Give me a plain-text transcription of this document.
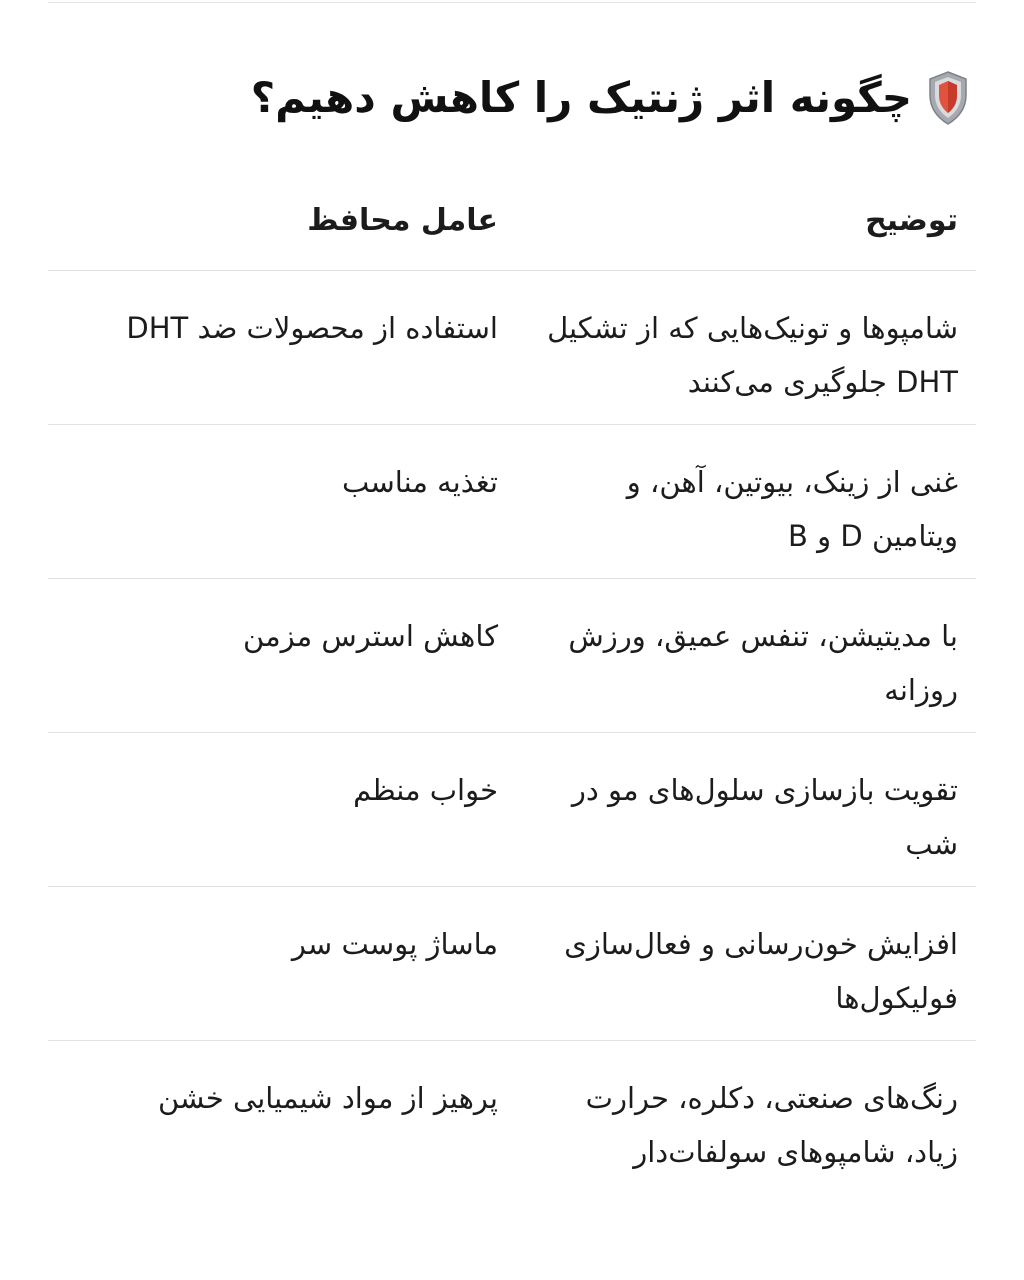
چگونه اثر ژنتیک را کاهش دهیم؟
توضیح
عامل محافظ
شامپوها و تونیک‌هایی که از تشکیل DHT جلوگیری می‌کنند
استفاده از محصولات ضد DHT
غنی از زینک، بیوتین، آهن، و ویتامین D و B
تغذیه مناسب
با مدیتیشن، تنفس عمیق، ورزش روزانه
کاهش استرس مزمن
تقویت بازسازی سلول‌های مو در شب
خواب منظم
افزایش خون‌رسانی و فعال‌سازی فولیکول‌ها
ماساژ پوست سر
رنگ‌های صنعتی، دکلره، حرارت زیاد، شامپوهای سولفات‌دار
پرهیز از مواد شیمیایی خشن
